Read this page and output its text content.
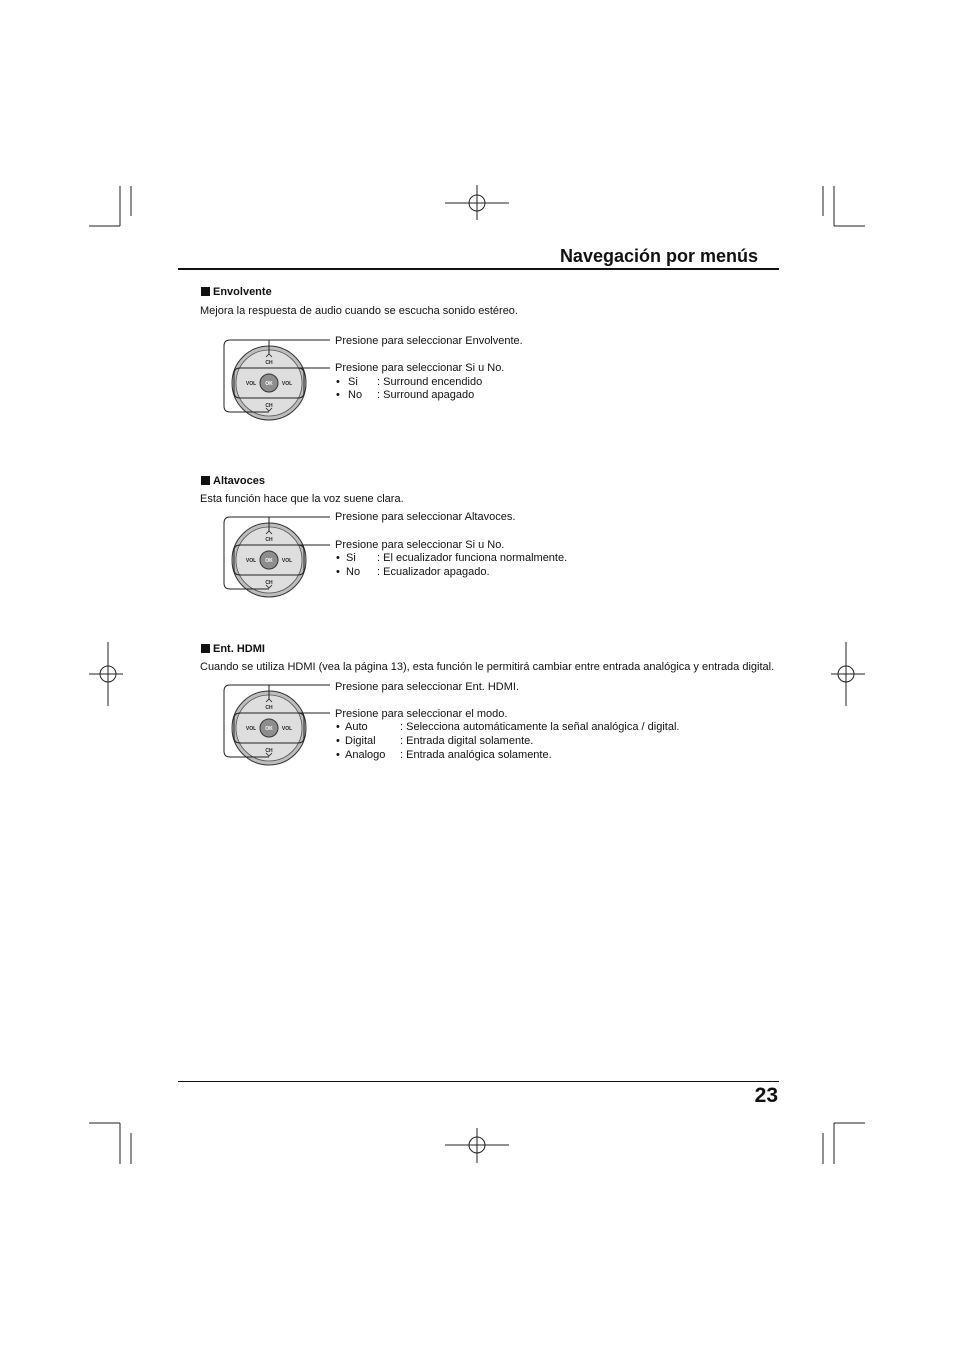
Navegación por menús
Envolvente
Mejora la respuesta de audio cuando se escucha sonido estéreo.
OK
CH
CH
VOL	VOL
Presione para seleccionar Envolvente.
Presione para seleccionar Si u No.
• Si : Surround encendido
• No : Surround apagado
Altavoces
Esta función hace que la voz suene clara.
OK
CH
CH
VOL	VOL
Presione para seleccionar Altavoces.
Presione para seleccionar Si u No.
• Si : El ecualizador funciona normalmente.
• No : Ecualizador apagado.
Ent. HDMI
Cuando se utiliza HDMI (vea la página 13), esta función le permitirá cambiar entre entrada analógica y entrada digital.
OK
CH
CH
VOL	VOL
Presione para seleccionar Ent. HDMI.
Presione para seleccionar el modo.
• Auto	: Selecciona automáticamente la señal analógica / digital.
• Digital : Entrada digital solamente.
• Analogo : Entrada analógica solamente.
23
